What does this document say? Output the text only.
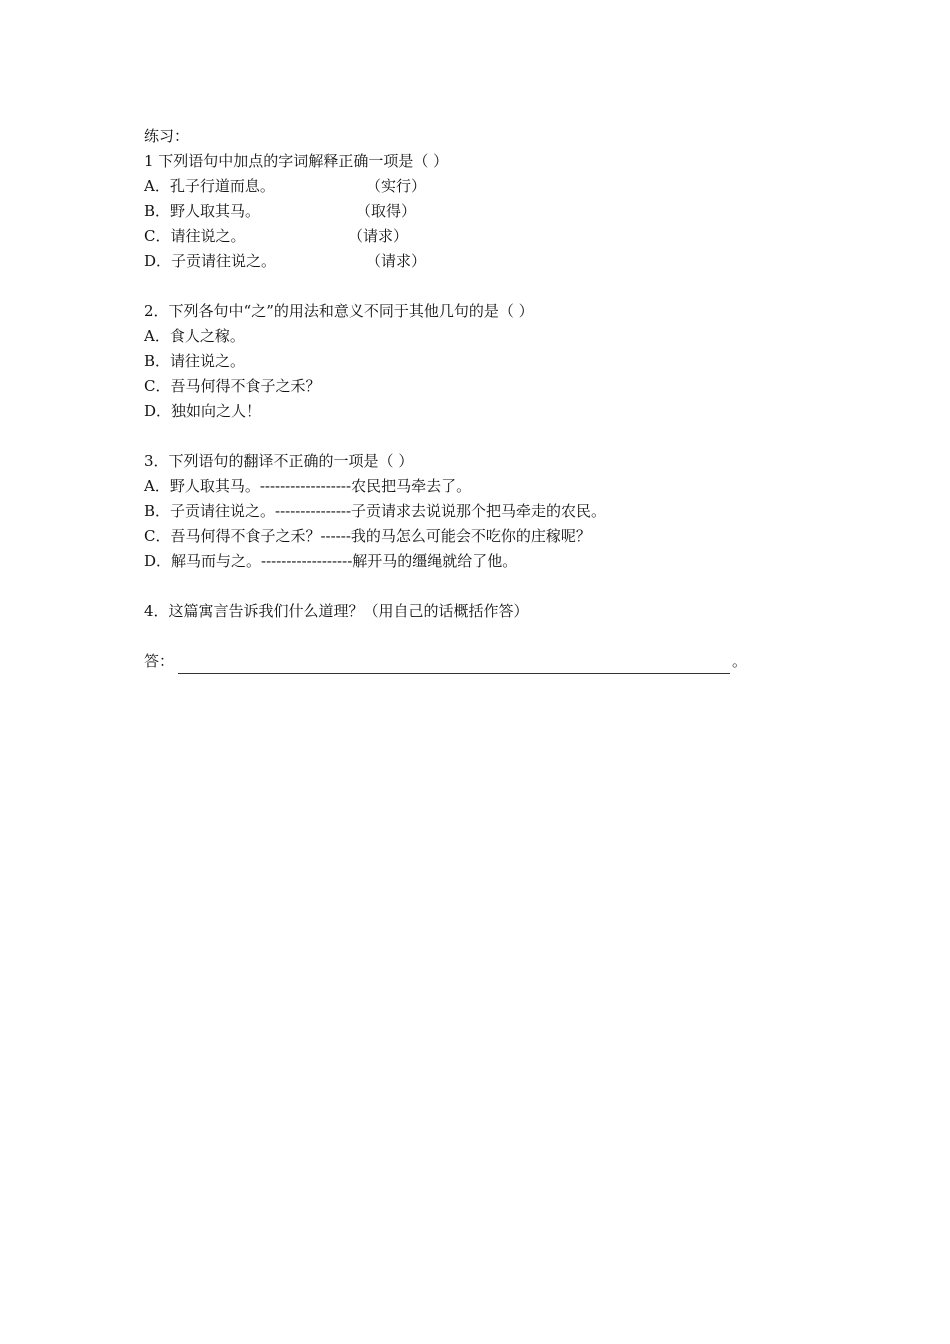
练习：
1 下列语句中加点的字词解释正确一项是（ ）
A．孔子行道而息。	（实行）
B．野人取其马。	（取得）
C．请往说之。	（请求）
D．子贡请往说之。	（请求）
2．下列各句中“之”的用法和意义不同于其他几句的是（ ）
A．食人之稼。
B．请往说之。
C．吾马何得不食子之禾？
D．独如向之人！
3．下列语句的翻译不正确的一项是（ ）
A．野人取其马。------------------农民把马牵去了。
B．子贡请往说之。---------------子贡请求去说说那个把马牵走的农民。
C．吾马何得不食子之禾？------我的马怎么可能会不吃你的庄稼呢？
D．解马而与之。------------------解开马的缰绳就给了他。
4．这篇寓言告诉我们什么道理？（用自己的话概括作答）
答：	。
